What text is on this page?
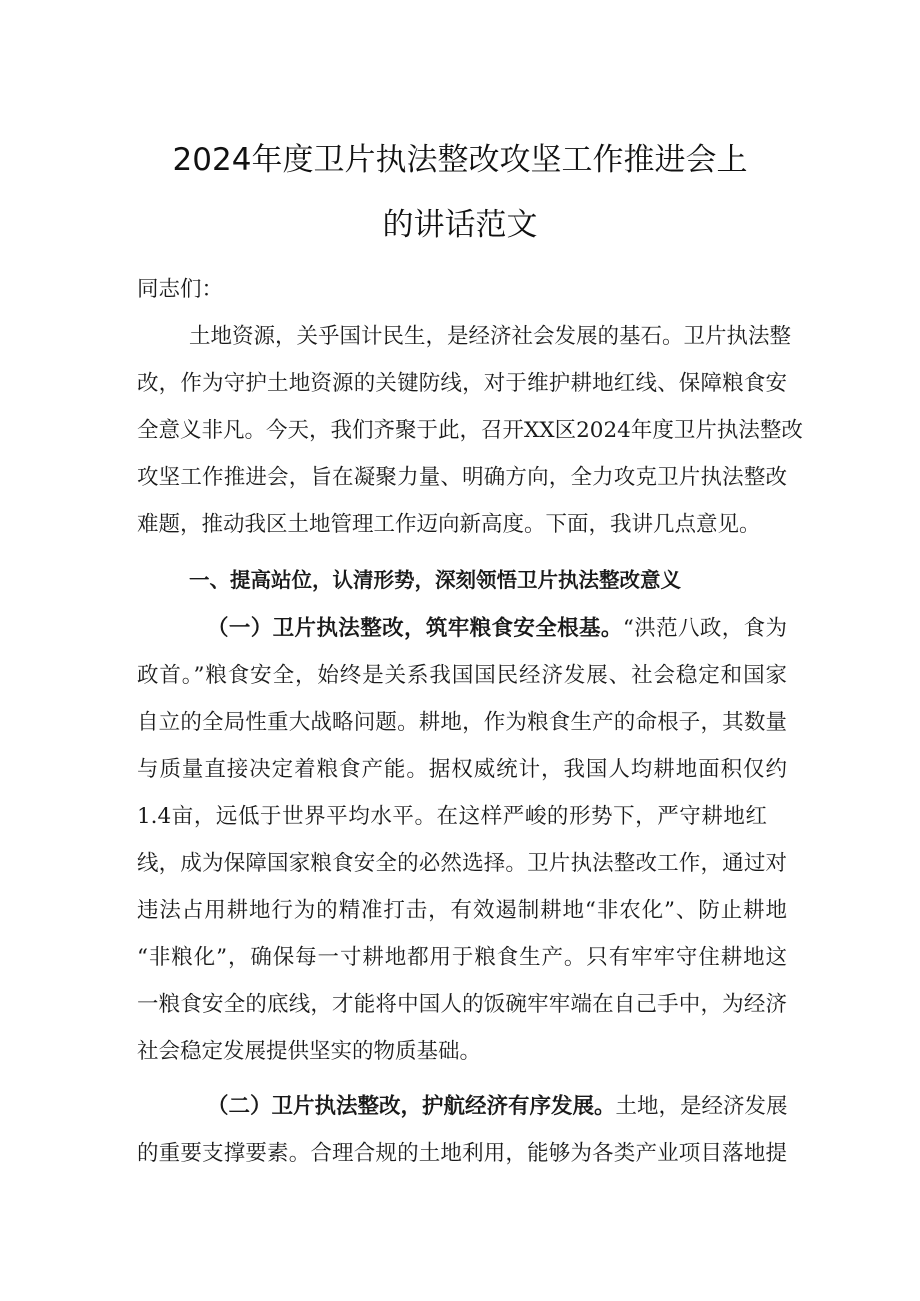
2024年度卫片执法整改攻坚工作推进会上
的讲话范文
同志们：
土地资源，关乎国计民生，是经济社会发展的基石。卫片执法整
改，作为守护土地资源的关键防线，对于维护耕地红线、保障粮食安
全意义非凡。今天，我们齐聚于此，召开XX区2024年度卫片执法整改
攻坚工作推进会，旨在凝聚力量、明确方向，全力攻克卫片执法整改
难题，推动我区土地管理工作迈向新高度。下面，我讲几点意见。
一、提高站位，认清形势，深刻领悟卫片执法整改意义
（一）卫片执法整改，筑牢粮食安全根基。“洪范八政，食为
政首。”粮食安全，始终是关系我国国民经济发展、社会稳定和国家
自立的全局性重大战略问题。耕地，作为粮食生产的命根子，其数量
与质量直接决定着粮食产能。据权威统计，我国人均耕地面积仅约
1.4亩，远低于世界平均水平。在这样严峻的形势下，严守耕地红
线，成为保障国家粮食安全的必然选择。卫片执法整改工作，通过对
违法占用耕地行为的精准打击，有效遏制耕地“非农化”、防止耕地
“非粮化”，确保每一寸耕地都用于粮食生产。只有牢牢守住耕地这
一粮食安全的底线，才能将中国人的饭碗牢牢端在自己手中，为经济
社会稳定发展提供坚实的物质基础。
（二）卫片执法整改，护航经济有序发展。土地，是经济发展
的重要支撑要素。合理合规的土地利用，能够为各类产业项目落地提
